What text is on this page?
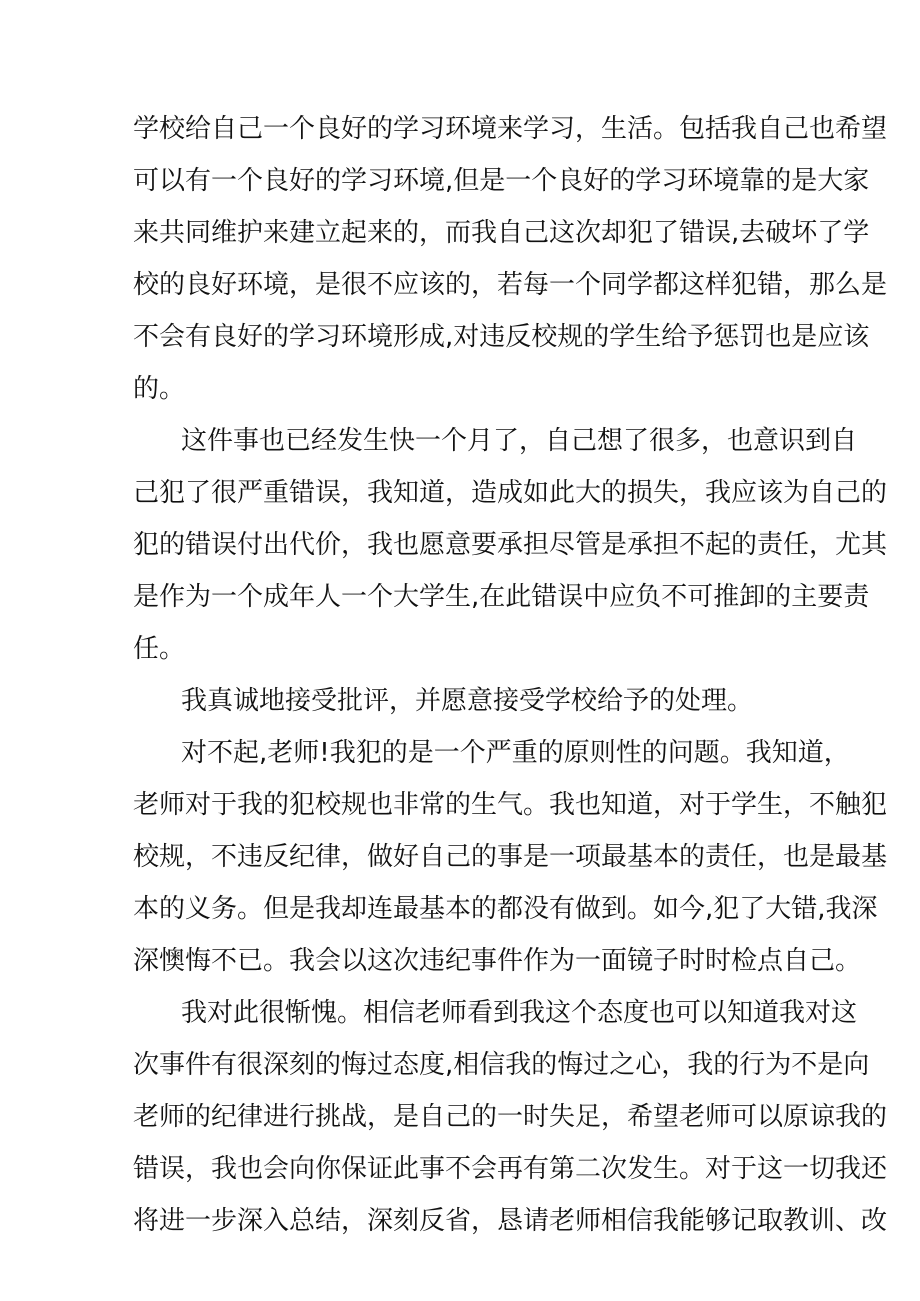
学校给自己一个良好的学习环境来学习，生活。包括我自己也希望
可以有一个良好的学习环境,但是一个良好的学习环境靠的是大家
来共同维护来建立起来的，而我自己这次却犯了错误,去破坏了学
校的良好环境，是很不应该的，若每一个同学都这样犯错，那么是
不会有良好的学习环境形成,对违反校规的学生给予惩罚也是应该
的。
这件事也已经发生快一个月了，自己想了很多，也意识到自
己犯了很严重错误，我知道，造成如此大的损失，我应该为自己的
犯的错误付出代价，我也愿意要承担尽管是承担不起的责任，尤其
是作为一个成年人一个大学生,在此错误中应负不可推卸的主要责
任。
我真诚地接受批评，并愿意接受学校给予的处理。
对不起,老师!我犯的是一个严重的原则性的问题。我知道，
老师对于我的犯校规也非常的生气。我也知道，对于学生，不触犯
校规，不违反纪律，做好自己的事是一项最基本的责任，也是最基
本的义务。但是我却连最基本的都没有做到。如今,犯了大错,我深
深懊悔不已。我会以这次违纪事件作为一面镜子时时检点自己。
我对此很惭愧。相信老师看到我这个态度也可以知道我对这
次事件有很深刻的悔过态度,相信我的悔过之心，我的行为不是向
老师的纪律进行挑战，是自己的一时失足，希望老师可以原谅我的
错误，我也会向你保证此事不会再有第二次发生。对于这一切我还
将进一步深入总结，深刻反省，恳请老师相信我能够记取教训、改
